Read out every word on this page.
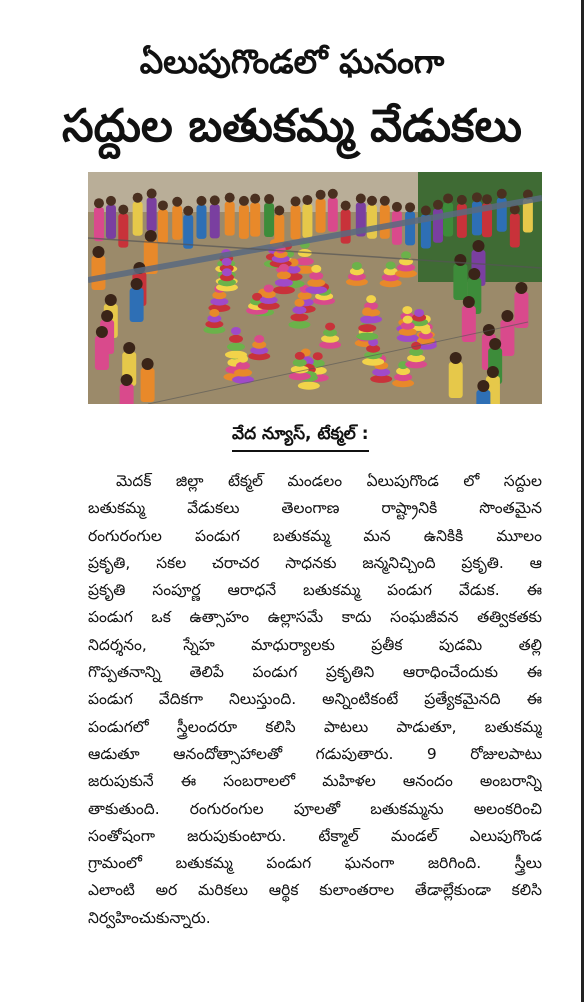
ఏలుపుగొండలో ఘనంగా
సద్దుల బతుకమ్మ వేడుకలు
వేద న్యూస్, టేక్మల్ :
మెదక్ జిల్లా టేక్మల్ మండలం ఏలుపుగొండ లో సద్దుల
బతుకమ్మ వేడుకలు తెలంగాణ రాష్ట్రానికి సొంతమైన
రంగురంగుల పండుగ బతుకమ్మ మన ఉనికికి మూలం
ప్రకృతి, సకల చరాచర సాధనకు జన్మనిచ్చింది ప్రకృతి. ఆ
ప్రకృతి సంపూర్ణ ఆరాధనే బతుకమ్మ పండుగ వేడుక. ఈ
పండుగ ఒక ఉత్సాహం ఉల్లాసమే కాదు సంఘజీవన తత్వికతకు
నిదర్శనం, స్నేహ మాధుర్యాలకు ప్రతీక పుడమి తల్లి
గొప్పతనాన్ని తెలిపే పండుగ ప్రకృతిని ఆరాధించేందుకు ఈ
పండుగ వేదికగా నిలుస్తుంది. అన్నింటికంటే ప్రత్యేకమైనది ఈ
పండుగలో స్త్రీలందరూ కలిసి పాటలు పాడుతూ, బతుకమ్మ
ఆడుతూ ఆనందోత్సాహాలతో గడుపుతారు. 9 రోజులపాటు
జరుపుకునే ఈ సంబరాలలో మహిళల ఆనందం అంబరాన్ని
తాకుతుంది. రంగురంగుల పూలతో బతుకమ్మను అలంకరించి
సంతోషంగా జరుపుకుంటారు. టేక్మాల్ మండల్ ఎలుపుగొండ
గ్రామంలో బతుకమ్మ పండుగ ఘనంగా జరిగింది. స్త్రీలు
ఎలాంటి అర మరికలు ఆర్థిక కులాంతరాల తేడాల్లేకుండా కలిసి
నిర్వహించుకున్నారు.
